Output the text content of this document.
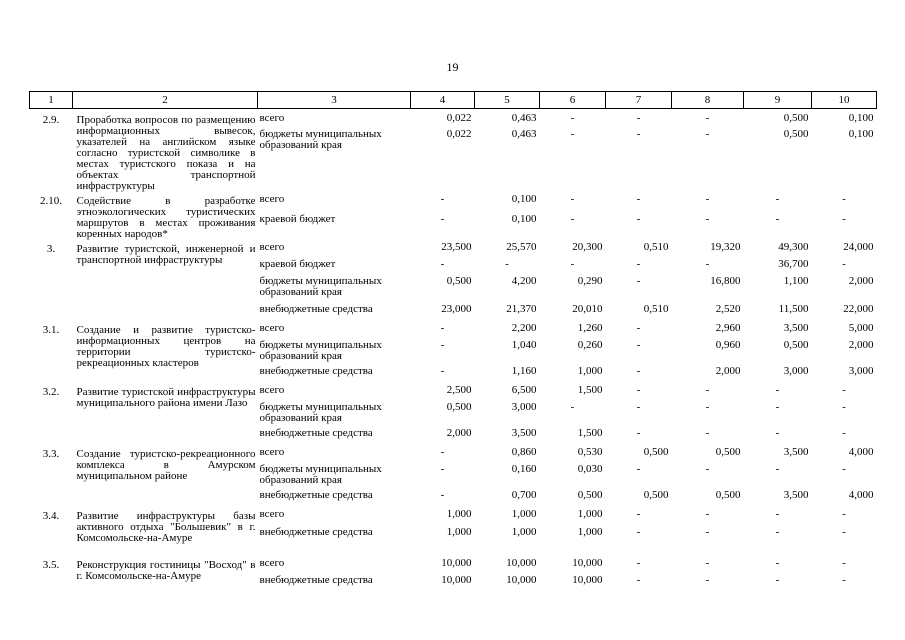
19
1	2	3	4	5	6	7	8	9	10

2.9.	Проработка вопросов по размещению информационных вывесок, указателей на английском языке согласно туристской символике в местах туристского показа и на объектах транспортной инфраструктуры	всего	0,022	0,463	-	-	-	0,500	0,100
		бюджеты муниципальных образований края	0,022	0,463	-	-	-	0,500	0,100

2.10.	Содействие в разработке этноэкологических туристических маршрутов в местах проживания коренных народов*	всего	-	0,100	-	-	-	-	-
		краевой бюджет	-	0,100	-	-	-	-	-

3.	Развитие туристской, инженерной и транспортной инфраструктуры	всего	23,500	25,570	20,300	0,510	19,320	49,300	24,000
		краевой бюджет	-	-	-	-	-	36,700	-
		бюджеты муниципальных образований края	0,500	4,200	0,290	-	16,800	1,100	2,000
		внебюджетные средства	23,000	21,370	20,010	0,510	2,520	11,500	22,000

3.1.	Создание и развитие туристско-информационных центров на территории туристско-рекреационных кластеров	всего	-	2,200	1,260	-	2,960	3,500	5,000
		бюджеты муниципальных образований края	-	1,040	0,260	-	0,960	0,500	2,000
		внебюджетные средства	-	1,160	1,000	-	2,000	3,000	3,000

3.2.	Развитие туристской инфраструктуры муниципального района имени Лазо	всего	2,500	6,500	1,500	-	-	-	-
		бюджеты муниципальных образований края	0,500	3,000	-	-	-	-	-
		внебюджетные средства	2,000	3,500	1,500	-	-	-	-

3.3.	Создание туристско-рекреационного комплекса в Амурском муниципальном районе	всего	-	0,860	0,530	0,500	0,500	3,500	4,000
		бюджеты муниципальных образований края	-	0,160	0,030	-	-	-	-
		внебюджетные средства	-	0,700	0,500	0,500	0,500	3,500	4,000

3.4.	Развитие инфраструктуры базы активного отдыха "Большевик" в г. Комсомольске-на-Амуре	всего	1,000	1,000	1,000	-	-	-	-
		внебюджетные средства	1,000	1,000	1,000	-	-	-	-

3.5.	Реконструкция гостиницы "Восход" в г. Комсомольске-на-Амуре	всего	10,000	10,000	10,000	-	-	-	-
		внебюджетные средства	10,000	10,000	10,000	-	-	-	-
